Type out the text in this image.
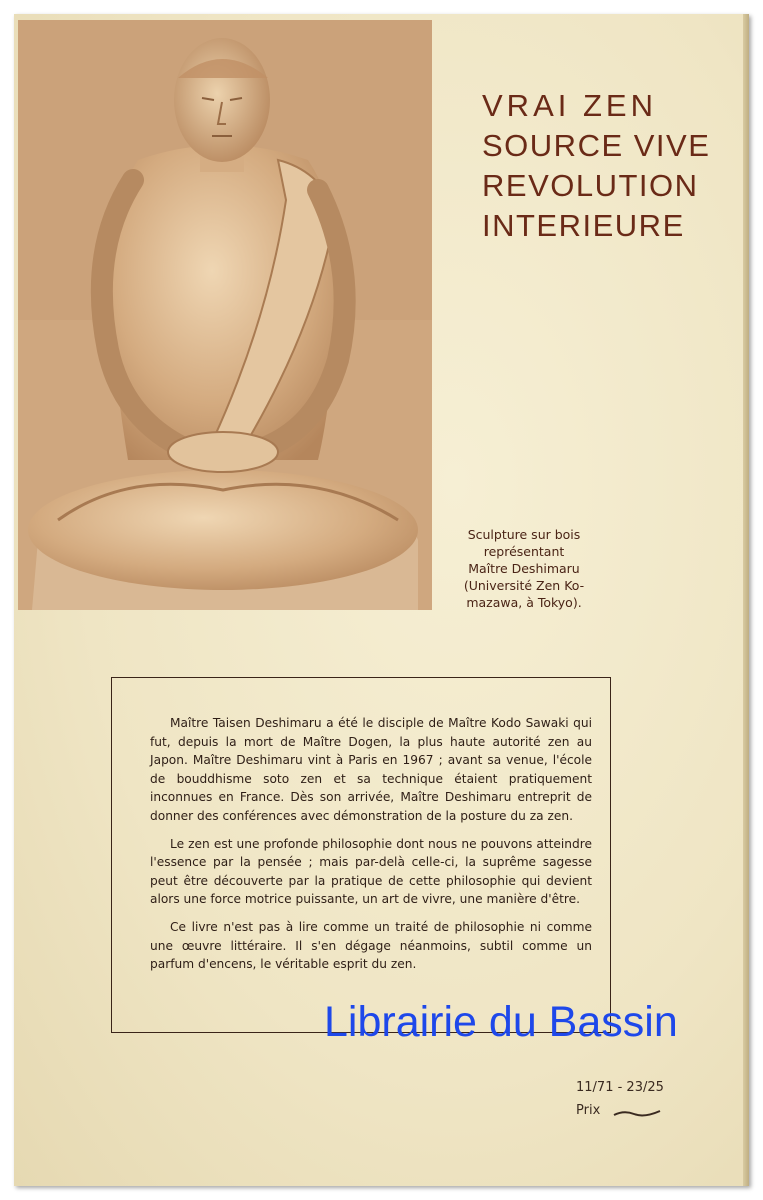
VRAI ZEN
SOURCE VIVE
REVOLUTION
INTERIEURE
Sculpture sur bois
représentant
Maître Deshimaru
(Université Zen Ko-
mazawa, à Tokyo).

Maître Taisen Deshimaru a été le disciple de Maître Kodo Sawaki qui fut, depuis la mort de Maître Dogen, la plus haute autorité zen au Japon. Maître Deshimaru vint à Paris en 1967 ; avant sa venue, l'école de bouddhisme soto zen et sa technique étaient pratiquement inconnues en France. Dès son arrivée, Maître Deshimaru entreprit de donner des conférences avec démonstration de la posture du za zen.

Le zen est une profonde philosophie dont nous ne pouvons atteindre l'essence par la pensée ; mais par-delà celle-ci, la suprême sagesse peut être découverte par la pratique de cette philosophie qui devient alors une force motrice puissante, un art de vivre, une manière d'être.

Ce livre n'est pas à lire comme un traité de philosophie ni comme une œuvre littéraire. Il s'en dégage néanmoins, subtil comme un parfum d'encens, le véritable esprit du zen.

11/71 - 23/25
Prix
Librairie du Bassin
